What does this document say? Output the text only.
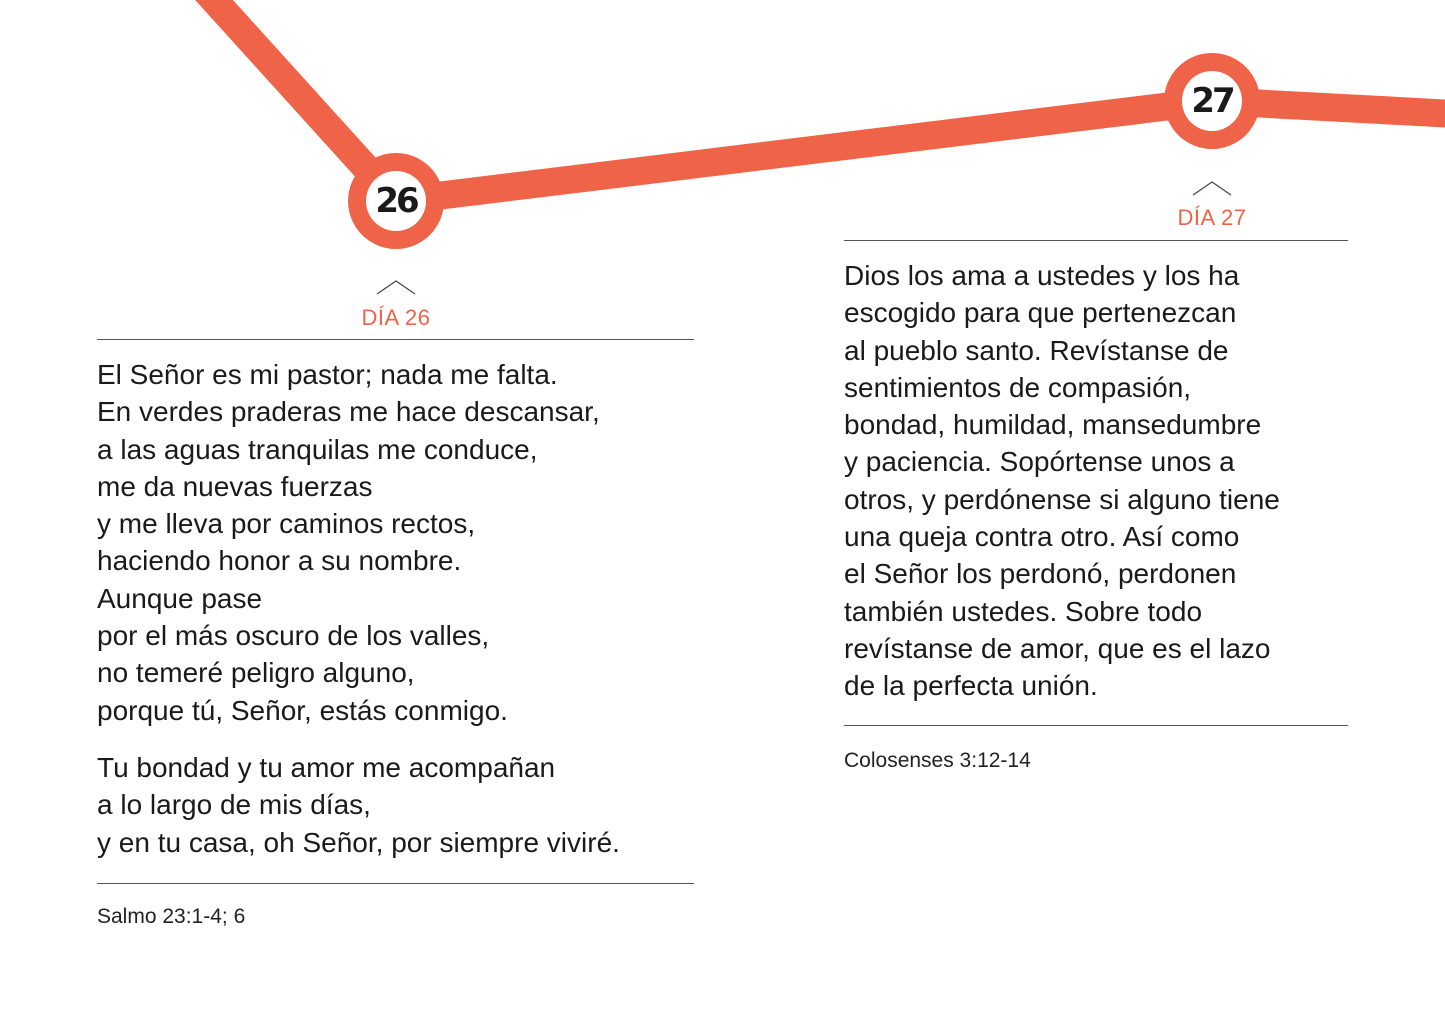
26
27
DÍA 26
El Señor es mi pastor; nada me falta.
En verdes praderas me hace descansar,
a las aguas tranquilas me conduce,
me da nuevas fuerzas
y me lleva por caminos rectos,
haciendo honor a su nombre.
Aunque pase
por el más oscuro de los valles,
no temeré peligro alguno,
porque tú, Señor, estás conmigo.
Tu bondad y tu amor me acompañan
a lo largo de mis días,
y en tu casa, oh Señor, por siempre viviré.
Salmo 23:1-4; 6
DÍA 27
Dios los ama a ustedes y los ha
escogido para que pertenezcan
al pueblo santo. Revístanse de
sentimientos de compasión,
bondad, humildad, mansedumbre
y paciencia. Sopórtense unos a
otros, y perdónense si alguno tiene
una queja contra otro. Así como
el Señor los perdonó, perdonen
también ustedes. Sobre todo
revístanse de amor, que es el lazo
de la perfecta unión.
Colosenses 3:12-14
